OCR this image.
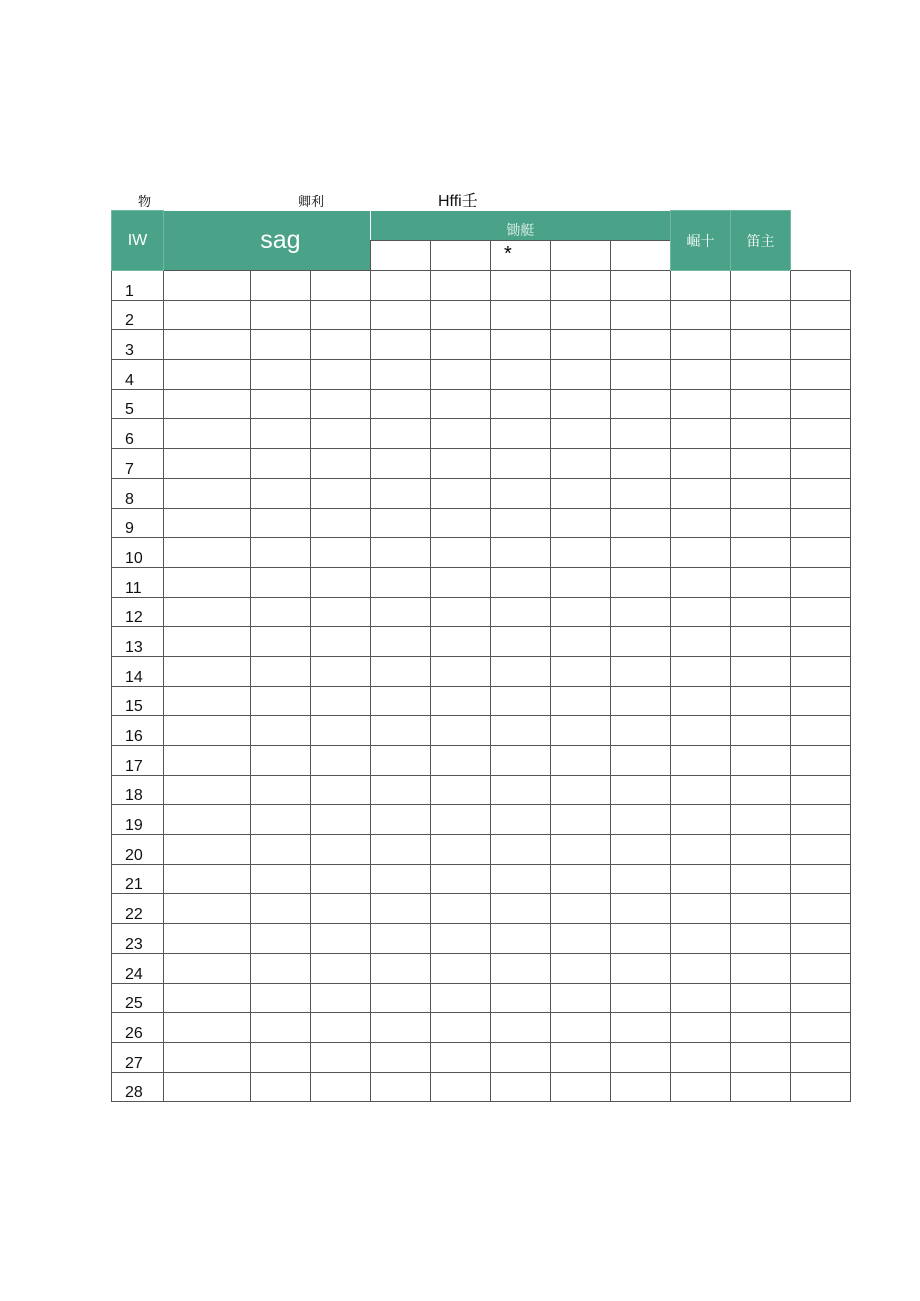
物	卿利	Hffi壬
IW	sag			锄艇					崛十	笛主	

						*					

1											
2											
3											
4											
5											
6											
7											
8											
9											
10											
11											
12											
13											
14											
15											
16											
17											
18											
19											
20											
21											
22											
23											
24											
25											
26											
27											
28											
